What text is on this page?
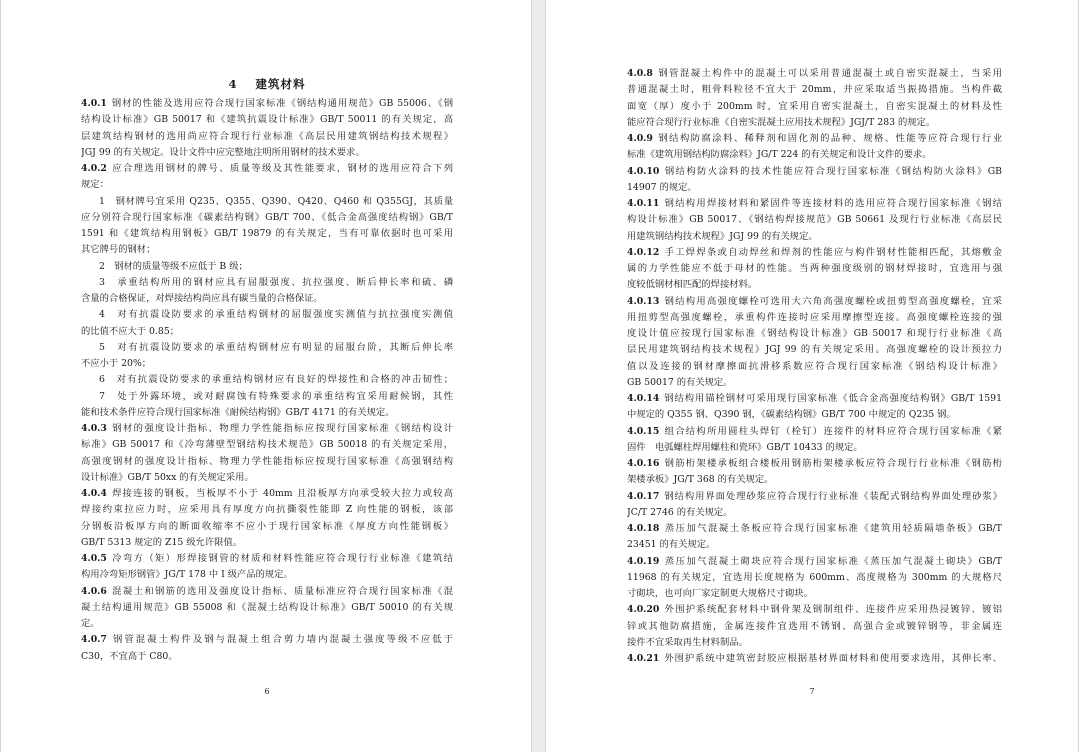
4 建筑材料
4.0.1 钢材的性能及选用应符合现行国家标准《钢结构通用规范》GB 55006、《钢
结构设计标准》GB 50017 和《建筑抗震设计标准》GB/T 50011 的有关规定，高
层建筑结构钢材的选用尚应符合现行行业标准《高层民用建筑钢结构技术规程》
JGJ 99 的有关规定。设计文件中应完整地注明所用钢材的技术要求。
4.0.2 应合理选用钢材的牌号、质量等级及其性能要求，钢材的选用应符合下列
规定：
1　钢材牌号宜采用 Q235、Q355、Q390、Q420、Q460 和 Q355GJ，其质量
应分别符合现行国家标准《碳素结构钢》GB/T 700、《低合金高强度结构钢》GB/T
1591 和《建筑结构用钢板》GB/T 19879 的有关规定，当有可靠依据时也可采用
其它牌号的钢材；
2　钢材的质量等级不应低于 B 级；
3　承重结构所用的钢材应具有屈服强度、抗拉强度、断后伸长率和硫、磷
含量的合格保证，对焊接结构尚应具有碳当量的合格保证。
4　对有抗震设防要求的承重结构钢材的屈服强度实测值与抗拉强度实测值
的比值不应大于 0.85；
5　对有抗震设防要求的承重结构钢材应有明显的屈服台阶，其断后伸长率
不应小于 20%；
6　对有抗震设防要求的承重结构钢材应有良好的焊接性和合格的冲击韧性；
7　处于外露环境，或对耐腐蚀有特殊要求的承重结构宜采用耐候钢，其性
能和技术条件应符合现行国家标准《耐候结构钢》GB/T 4171 的有关规定。
4.0.3 钢材的强度设计指标、物理力学性能指标应按现行国家标准《钢结构设计
标准》GB 50017 和《冷弯薄壁型钢结构技术规范》GB 50018 的有关规定采用，
高强度钢材的强度设计指标、物理力学性能指标应按现行国家标准《高强钢结构
设计标准》GB/T 50xx 的有关规定采用。
4.0.4 焊接连接的钢板，当板厚不小于 40mm 且沿板厚方向承受较大拉力或较高
焊接约束拉应力时，应采用具有厚度方向抗撕裂性能即 Z 向性能的钢板，该部
分钢板沿板厚方向的断面收缩率不应小于现行国家标准《厚度方向性能钢板》
GB/T 5313 规定的 Z15 级允许限值。
4.0.5 冷弯方（矩）形焊接钢管的材质和材料性能应符合现行行业标准《建筑结
构用冷弯矩形钢管》JG/T 178 中 I 级产品的规定。
4.0.6 混凝土和钢筋的选用及强度设计指标、质量标准应符合现行国家标准《混
凝土结构通用规范》GB 55008 和《混凝土结构设计标准》GB/T 50010 的有关规
定。
4.0.7 钢管混凝土构件及钢与混凝土组合剪力墙内混凝土强度等级不应低于
C30，不宜高于 C80。
6
4.0.8 钢管混凝土构件中的混凝土可以采用普通混凝土或自密实混凝土，当采用
普通混凝土时，粗骨料粒径不宜大于 20mm，并应采取适当振捣措施。当构件截
面宽（厚）度小于 200mm 时，宜采用自密实混凝土，自密实混凝土的材料及性
能应符合现行行业标准《自密实混凝土应用技术规程》JGJ/T 283 的规定。
4.0.9 钢结构防腐涂料、稀释剂和固化剂的品种、规格、性能等应符合现行行业
标准《建筑用钢结构防腐涂料》JG/T 224 的有关规定和设计文件的要求。
4.0.10 钢结构防火涂料的技术性能应符合现行国家标准《钢结构防火涂料》GB
14907 的规定。
4.0.11 钢结构用焊接材料和紧固件等连接材料的选用应符合现行国家标准《钢结
构设计标准》GB 50017、《钢结构焊接规范》GB 50661 及现行行业标准《高层民
用建筑钢结构技术规程》JGJ 99 的有关规定。
4.0.12 手工焊焊条或自动焊丝和焊剂的性能应与构件钢材性能相匹配，其熔敷金
属的力学性能应不低于母材的性能。当两种强度级别的钢材焊接时，宜选用与强
度较低钢材相匹配的焊接材料。
4.0.13 钢结构用高强度螺栓可选用大六角高强度螺栓或扭剪型高强度螺栓，宜采
用扭剪型高强度螺栓，承重构件连接时应采用摩擦型连接。高强度螺栓连接的强
度设计值应按现行国家标准《钢结构设计标准》GB 50017 和现行行业标准《高
层民用建筑钢结构技术规程》JGJ 99 的有关规定采用。高强度螺栓的设计预拉力
值以及连接的钢材摩擦面抗滑移系数应符合现行国家标准《钢结构设计标准》
GB 50017 的有关规定。
4.0.14 钢结构用锚栓钢材可采用现行国家标准《低合金高强度结构钢》GB/T 1591
中规定的 Q355 钢、Q390 钢，《碳素结构钢》GB/T 700 中规定的 Q235 钢。
4.0.15 组合结构所用圆柱头焊钉（栓钉）连接件的材料应符合现行国家标准《紧
固件　电弧螺柱焊用螺柱和瓷环》GB/T 10433 的规定。
4.0.16 钢筋桁架楼承板组合楼板用钢筋桁架楼承板应符合现行行业标准《钢筋桁
架楼承板》JG/T 368 的有关规定。
4.0.17 钢结构用界面处理砂浆应符合现行行业标准《装配式钢结构界面处理砂浆》
JC/T 2746 的有关规定。
4.0.18 蒸压加气混凝土条板应符合现行国家标准《建筑用轻质隔墙条板》GB/T
23451 的有关规定。
4.0.19 蒸压加气混凝土砌块应符合现行国家标准《蒸压加气混凝土砌块》GB/T
11968 的有关规定，宜选用长度规格为 600mm、高度规格为 300mm 的大规格尺
寸砌块，也可向厂家定制更大规格尺寸砌块。
4.0.20 外围护系统配套材料中钢骨架及钢制组件、连接件应采用热浸镀锌、镀铝
锌或其他防腐措施，金属连接件宜选用不锈钢、高强合金或镀锌钢等，非金属连
接件不宜采取再生材料制品。
4.0.21 外围护系统中建筑密封胶应根据基材界面材料和使用要求选用，其伸长率、
7
